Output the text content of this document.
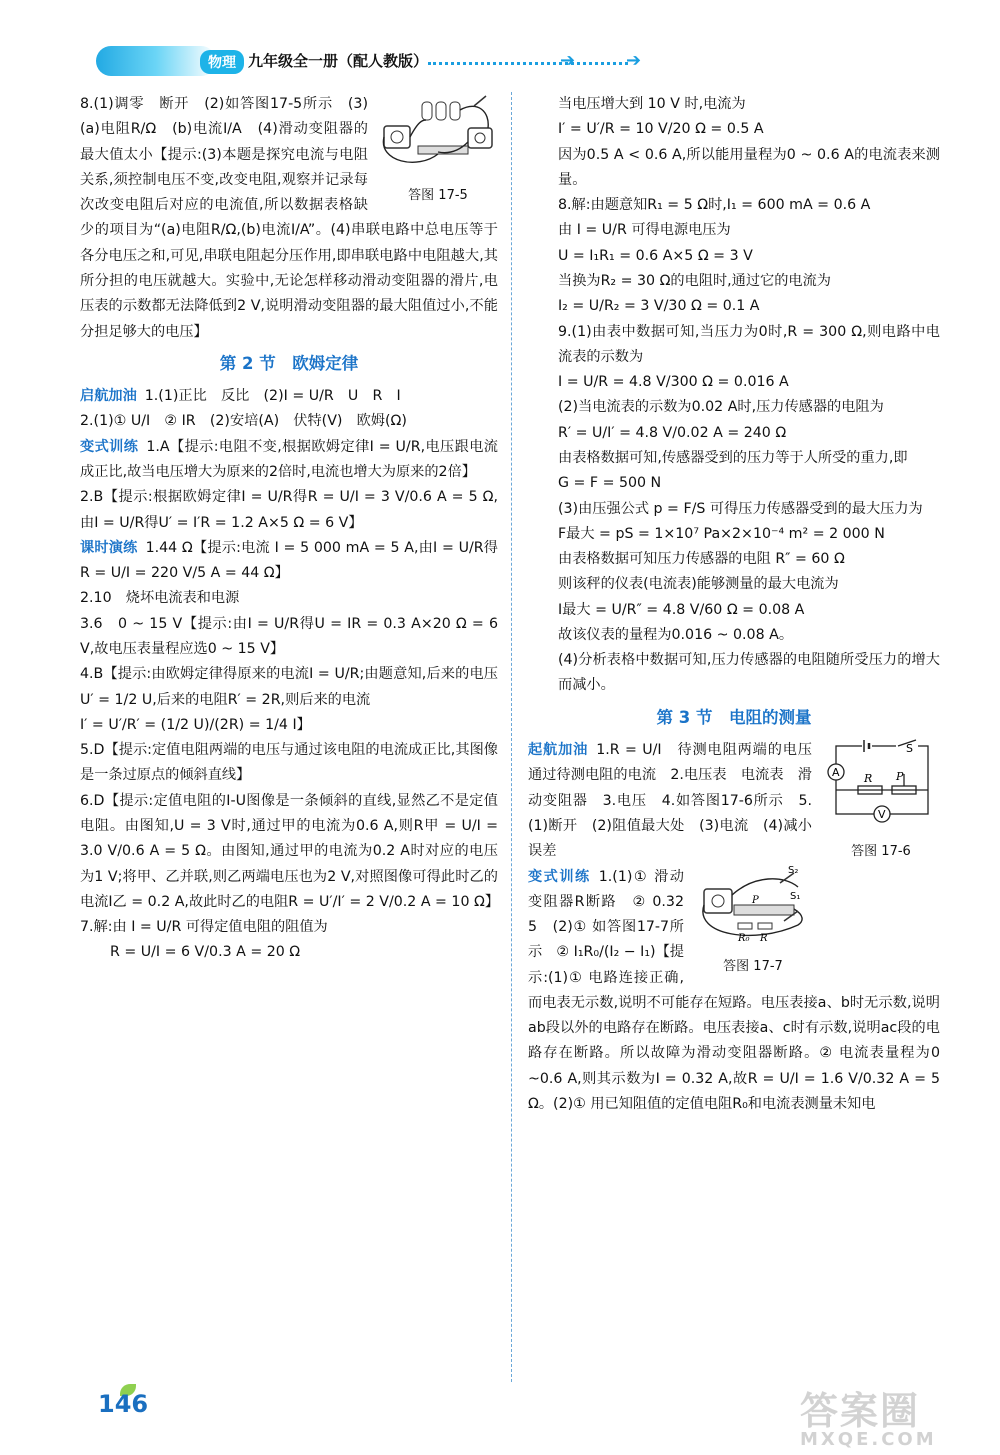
物理 九年级全一册（配人教版）	➔	➔
答图 17-5

8.(1)调零　断开　(2)如答图17-5所示　(3)(a)电阻R/Ω　(b)电流I/A　(4)滑动变阻器的最大值太小【提示:(3)本题是探究电流与电阻关系,须控制电压不变,改变电阻,观察并记录每次改变电阻后对应的电流值,所以数据表格缺少的项目为“(a)电阻R/Ω,(b)电流I/A”。(4)串联电路中总电压等于各分电压之和,可见,串联电阻起分压作用,即串联电路中电阻越大,其所分担的电压就越大。实验中,无论怎样移动滑动变阻器的滑片,电压表的示数都无法降低到2 V,说明滑动变阻器的最大阻值过小,不能分担足够大的电压】

第 2 节　欧姆定律

启航加油 1.(1)正比　反比　(2)I = U/R　U　R　I

2.(1)① U/I　② IR　(2)安培(A)　伏特(V)　欧姆(Ω)

变式训练 1.A【提示:电阻不变,根据欧姆定律I = U/R,电压跟电流成正比,故当电压增大为原来的2倍时,电流也增大为原来的2倍】

2.B【提示:根据欧姆定律I = U/R得R = U/I = 3 V/0.6 A = 5 Ω,由I = U/R得U′ = I′R = 1.2 A×5 Ω = 6 V】

课时演练 1.44 Ω【提示:电流 I = 5 000 mA = 5 A,由I = U/R得R = U/I = 220 V/5 A = 44 Ω】

2.10　烧坏电流表和电源

3.6　0 ~ 15 V【提示:由I = U/R得U = IR = 0.3 A×20 Ω = 6 V,故电压表量程应选0 ~ 15 V】

4.B【提示:由欧姆定律得原来的电流I = U/R;由题意知,后来的电压U′ = 1/2 U,后来的电阻R′ = 2R,则后来的电流

I′ = U′/R′ = (1/2 U)/(2R) = 1/4 I】

5.D【提示:定值电阻两端的电压与通过该电阻的电流成正比,其图像是一条过原点的倾斜直线】

6.D【提示:定值电阻的I-U图像是一条倾斜的直线,显然乙不是定值电阻。由图知,U = 3 V时,通过甲的电流为0.6 A,则R甲 = U/I = 3.0 V/0.6 A = 5 Ω。由图知,通过甲的电流为0.2 A时对应的电压为1 V;将甲、乙并联,则乙两端电压也为2 V,对照图像可得此时乙的电流I乙 = 0.2 A,故此时乙的电阻R = U′/I′ = 2 V/0.2 A = 10 Ω】

7.解:由 I = U/R 可得定值电阻的阻值为

R = U/I = 6 V/0.3 A = 20 Ω

当电压增大到 10 V 时,电流为

I′ = U′/R = 10 V/20 Ω = 0.5 A

因为0.5 A < 0.6 A,所以能用量程为0 ~ 0.6 A的电流表来测量。

8.解:由题意知R₁ = 5 Ω时,I₁ = 600 mA = 0.6 A

由 I = U/R 可得电源电压为

U = I₁R₁ = 0.6 A×5 Ω = 3 V

当换为R₂ = 30 Ω的电阻时,通过它的电流为

I₂ = U/R₂ = 3 V/30 Ω = 0.1 A

9.(1)由表中数据可知,当压力为0时,R = 300 Ω,则电路中电流表的示数为

I = U/R = 4.8 V/300 Ω = 0.016 A

(2)当电流表的示数为0.02 A时,压力传感器的电阻为

R′ = U/I′ = 4.8 V/0.02 A = 240 Ω

由表格数据可知,传感器受到的压力等于人所受的重力,即

G = F = 500 N

(3)由压强公式 p = F/S 可得压力传感器受到的最大压力为

F最大 = pS = 1×10⁷ Pa×2×10⁻⁴ m² = 2 000 N

由表格数据可知压力传感器的电阻 R″ = 60 Ω

则该秤的仪表(电流表)能够测量的最大电流为

I最大 = U/R″ = 4.8 V/60 Ω = 0.08 A

故该仪表的量程为0.016 ~ 0.08 A。

(4)分析表格中数据可知,压力传感器的电阻随所受压力的增大而减小。

第 3 节　电阻的测量
S
A R P
V
答图 17-6

起航加油 1.R = U/I　待测电阻两端的电压　通过待测电阻的电流　2.电压表　电流表　滑动变阻器　3.电压　4.如答图17-6所示　5.(1)断开　(2)阻值最大处　(3)电流　(4)减小误差

S₁
S₂
P
R₀ R
答图 17-7

变式训练 1.(1)① 滑动变阻器R断路　② 0.32　5　(2)① 如答图17-7所示　② I₁R₀/(I₂ − I₁)【提示:(1)① 电路连接正确,而电表无示数,说明不可能存在短路。电压表接a、b时无示数,说明ab段以外的电路存在断路。电压表接a、c时有示数,说明ac段的电路存在断路。所以故障为滑动变阻器断路。② 电流表量程为0 ~0.6 A,则其示数为I = 0.32 A,故R = U/I = 1.6 V/0.32 A = 5 Ω。(2)① 用已知阻值的定值电阻R₀和电流表测量未知电

146	答案圈
MXQE.COM
